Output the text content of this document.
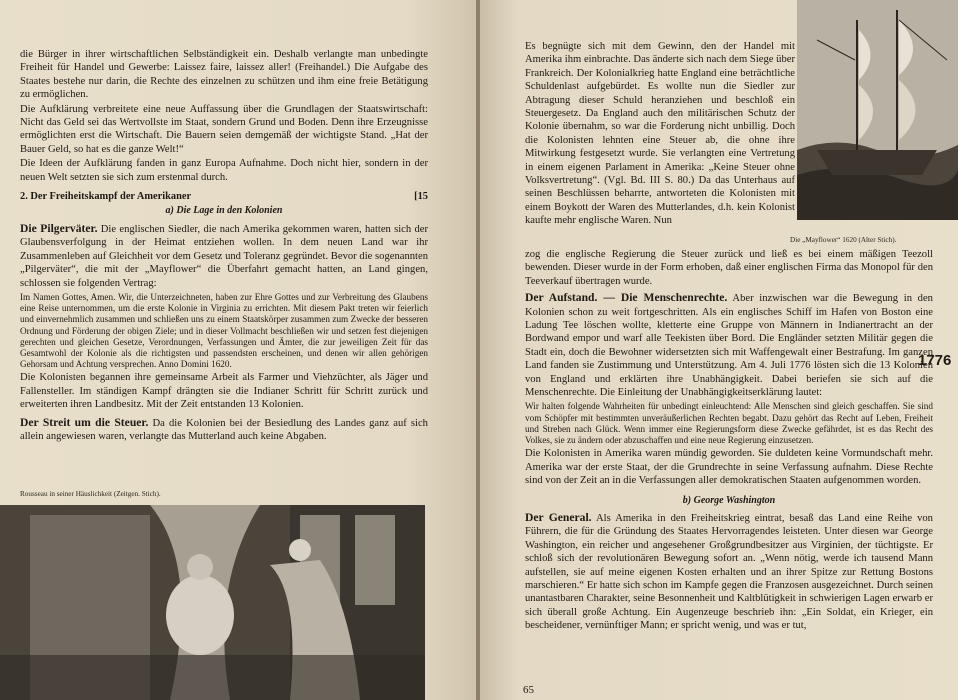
die Bürger in ihrer wirtschaftlichen Selbständigkeit ein. Deshalb verlangte man unbedingte Freiheit für Handel und Gewerbe: Laissez faire, laissez aller! (Freihandel.) Die Aufgabe des Staates bestehe nur darin, die Rechte des einzelnen zu schützen und ihm eine freie Betätigung zu ermöglichen.

Die Aufklärung verbreitete eine neue Auffassung über die Grundlagen der Staatswirtschaft: Nicht das Geld sei das Wertvollste im Staat, sondern Grund und Boden. Denn ihre Erzeugnisse ermöglichten erst die Wirtschaft. Die Bauern seien demgemäß der wichtigste Stand. „Hat der Bauer Geld, so hat es die ganze Welt!“

Die Ideen der Aufklärung fanden in ganz Europa Aufnahme. Doch nicht hier, sondern in der neuen Welt setzten sie sich zum erstenmal durch.

2. Der Freiheitskampf der Amerikaner	[15
a) Die Lage in den Kolonien

Die Pilgerväter. Die englischen Siedler, die nach Amerika gekommen waren, hatten sich der Glaubensverfolgung in der Heimat entziehen wollen. In dem neuen Land war ihr Zusammenleben auf Gleichheit vor dem Gesetz und Toleranz gegründet. Bevor die sogenannten „Pilgerväter“, die mit der „Mayflower“ die Überfahrt gemacht hatten, an Land gingen, schlossen sie folgenden Vertrag:

Im Namen Gottes, Amen. Wir, die Unterzeichneten, haben zur Ehre Gottes und zur Verbreitung des Glaubens eine Reise unternommen, um die erste Kolonie in Virginia zu errichten. Mit diesem Pakt treten wir feierlich und einvernehmlich zusammen und schließen uns zu einem Staatskörper zusammen zum Zwecke der besseren Ordnung und Förderung der obigen Ziele; und in dieser Vollmacht beschließen wir und setzen fest diejenigen gerechten und gleichen Gesetze, Verordnungen, Verfassungen und Ämter, die zur jeweiligen Zeit für das Gesamtwohl der Kolonie als die richtigsten und passendsten erscheinen, und denen wir allen gehörigen Gehorsam und Achtung versprechen. Anno Domini 1620.

Die Kolonisten begannen ihre gemeinsame Arbeit als Farmer und Viehzüchter, als Jäger und Fallensteller. Im ständigen Kampf drängten sie die Indianer Schritt für Schritt zurück und erweiterten ihren Landbesitz. Mit der Zeit entstanden 13 Kolonien.

Der Streit um die Steuer. Da die Kolonien bei der Besiedlung des Landes ganz auf sich allein angewiesen waren, verlangte das Mutterland auch keine Abgaben.

Rousseau in seiner Häuslichkeit (Zeitgen. Stich).
Die „Mayflower“ 1620 (Alter Stich).

Es begnügte sich mit dem Gewinn, den der Handel mit Amerika ihm einbrachte. Das änderte sich nach dem Siege über Frankreich. Der Kolonialkrieg hatte England eine beträchtliche Schuldenlast aufgebürdet. Es wollte nun die Siedler zur Abtragung dieser Schuld heranziehen und beschloß ein Steuergesetz. Da England auch den militärischen Schutz der Kolonie übernahm, so war die Forderung nicht unbillig. Doch die Kolonisten lehnten eine Steuer ab, die ohne ihre Mitwirkung festgesetzt wurde. Sie verlangten eine Vertretung in einem eigenen Parlament in Amerika: „Keine Steuer ohne Volksvertretung“. (Vgl. Bd. III S. 80.) Da das Unterhaus auf seinen Beschlüssen beharrte, antworteten die Kolonisten mit einem Boykott der Waren des Mutterlandes, d.h. kein Kolonist kaufte mehr englische Waren. Nun

zog die englische Regierung die Steuer zurück und ließ es bei einem mäßigen Teezoll bewenden. Dieser wurde in der Form erhoben, daß einer englischen Firma das Monopol für den Teeverkauf übertragen wurde.

Der Aufstand. — Die Menschenrechte. Aber inzwischen war die Bewegung in den Kolonien schon zu weit fortgeschritten. Als ein englisches Schiff im Hafen von Boston eine Ladung Tee löschen wollte, kletterte eine Gruppe von Männern in Indianertracht an der Bordwand empor und warf alle Teekisten über Bord. Die Engländer setzten Militär gegen die Stadt ein, doch die Bewohner widersetzten sich mit Waffengewalt einer Bestrafung. Im ganzen Land fanden sie Zustimmung und Unterstützung. Am 4. Juli 1776 lösten sich die 13 Kolonien von England und erklärten ihre Unabhängigkeit. Dabei beriefen sie sich auf die Menschenrechte. Die Einleitung der Unabhängigkeitserklärung lautet:

Wir halten folgende Wahrheiten für unbedingt einleuchtend: Alle Menschen sind gleich geschaffen. Sie sind vom Schöpfer mit bestimmten unveräußerlichen Rechten begabt. Dazu gehört das Recht auf Leben, Freiheit und Streben nach Glück. Wenn immer eine Regierungsform diese Zwecke gefährdet, ist es das Recht des Volkes, sie zu ändern oder abzuschaffen und eine neue Regierung einzusetzen.

Die Kolonisten in Amerika waren mündig geworden. Sie duldeten keine Vormundschaft mehr. Amerika war der erste Staat, der die Grundrechte in seine Verfassung aufnahm. Diese Rechte sind von der Zeit an in die Verfassungen aller demokratischen Staaten aufgenommen worden.

b) George Washington

Der General. Als Amerika in den Freiheitskrieg eintrat, besaß das Land eine Reihe von Führern, die für die Gründung des Staates Hervorragendes leisteten. Unter diesen war George Washington, ein reicher und angesehener Großgrundbesitzer aus Virginien, der tüchtigste. Er schloß sich der revolutionären Bewegung sofort an. „Wenn nötig, werde ich tausend Mann aufstellen, sie auf meine eigenen Kosten erhalten und an ihrer Spitze zur Rettung Bostons marschieren.“ Er hatte sich schon im Kampfe gegen die Franzosen ausgezeichnet. Durch seinen unantastbaren Charakter, seine Besonnenheit und Kaltblütigkeit in schwierigen Lagen erwarb er sich überall große Achtung. Ein Augenzeuge beschrieb ihn: „Ein Soldat, ein Krieger, ein bescheidener, vernünftiger Mann; er spricht wenig, und was er tut,

1776
65
